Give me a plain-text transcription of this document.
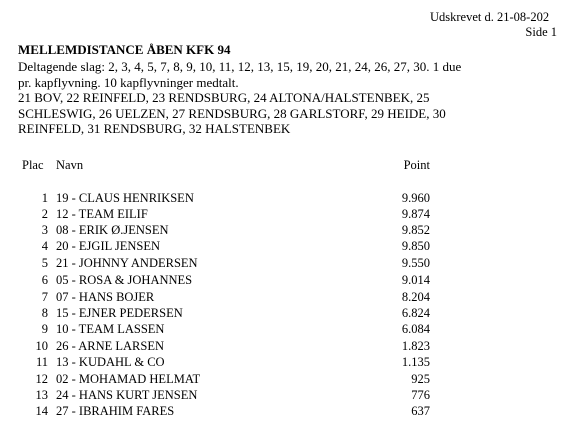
Udskrevet d. 21-08-202
Side 1
MELLEMDISTANCE ÅBEN KFK 94
Deltagende slag: 2, 3, 4, 5, 7, 8, 9, 10, 11, 12, 13, 15, 19, 20, 21, 24, 26, 27, 30. 1 due
pr. kapflyvning. 10 kapflyvninger medtalt.
21 BOV, 22 REINFELD, 23 RENDSBURG, 24 ALTONA/HALSTENBEK, 25
SCHLESWIG, 26 UELZEN, 27 RENDSBURG, 28 GARLSTORF, 29 HEIDE, 30
REINFELD, 31 RENDSBURG, 32 HALSTENBEK
Plac Navn	Point
1 19 - CLAUS HENRIKSEN	9.960
2 12 - TEAM EILIF	9.874
3 08 - ERIK Ø.JENSEN	9.852
4 20 - EJGIL JENSEN	9.850
5 21 - JOHNNY ANDERSEN	9.550
6 05 - ROSA & JOHANNES	9.014
7 07 - HANS BOJER	8.204
8 15 - EJNER PEDERSEN	6.824
9 10 - TEAM LASSEN	6.084
10 26 - ARNE LARSEN	1.823
11 13 - KUDAHL & CO	1.135
12 02 - MOHAMAD HELMAT	925
13 24 - HANS KURT JENSEN	776
14 27 - IBRAHIM FARES	637
